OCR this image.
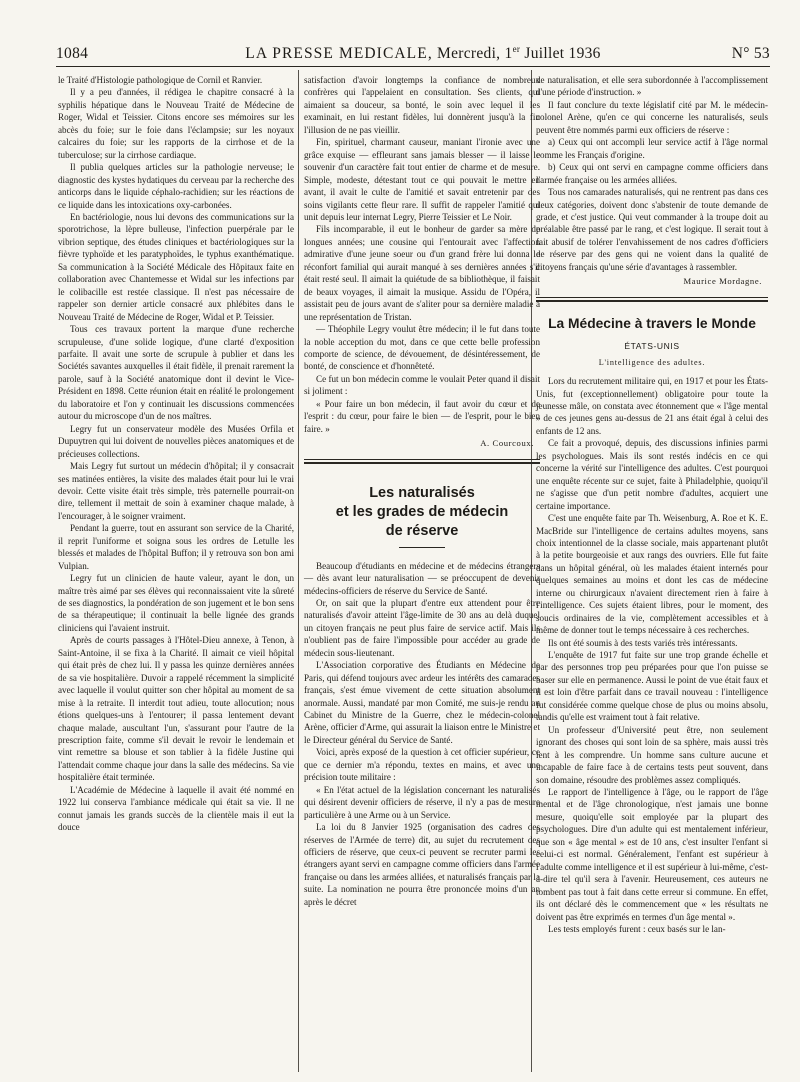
1084	LA PRESSE MEDICALE, Mercredi, 1er Juillet 1936	N° 53

le Traité d'Histologie pathologique de Cornil et Ranvier.

Il y a peu d'années, il rédigea le chapitre consacré à la syphilis hépatique dans le Nouveau Traité de Médecine de Roger, Widal et Teissier. Citons encore ses mémoires sur les abcès du foie; sur le foie dans l'éclampsie; sur les noyaux calcaires du foie; sur les rapports de la cirrhose et de la tuberculose; sur la cirrhose cardiaque.

Il publia quelques articles sur la pathologie nerveuse; le diagnostic des kystes hydatiques du cerveau par la recherche des anticorps dans le liquide céphalo-rachidien; sur les réactions de ce liquide dans les intoxications oxy-carbonées.

En bactériologie, nous lui devons des communications sur la sporotrichose, la lèpre bulleuse, l'infection puerpérale par le vibrion septique, des études cliniques et bactériologiques sur la fièvre typhoïde et les paratyphoïdes, le typhus exanthématique. Sa communication à la Société Médicale des Hôpitaux faite en collaboration avec Chantemesse et Widal sur les infections par le colibacille est restée classique. Il n'est pas nécessaire de rappeler son dernier article consacré aux phlébites dans le Nouveau Traité de Médecine de Roger, Widal et P. Teissier.

Tous ces travaux portent la marque d'une recherche scrupuleuse, d'une solide logique, d'une clarté d'exposition parfaite. Il avait une sorte de scrupule à publier et dans les Sociétés savantes auxquelles il était fidèle, il prenait rarement la parole, sauf à la Société anatomique dont il devint le Vice-Président en 1898. Cette réunion était en réalité le prolongement du laboratoire et l'on y continuait les discussions commencées autour du microscope d'un de nos maîtres.

Legry fut un conservateur modèle des Musées Orfila et Dupuytren qui lui doivent de nouvelles pièces anatomiques et de précieuses collections.

Mais Legry fut surtout un médecin d'hôpital; il y consacrait ses matinées entières, la visite des malades était pour lui le vrai devoir. Cette visite était très simple, très paternelle pourrait-on dire, tellement il mettait de soin à examiner chaque malade, à l'encourager, à le soigner vraiment.

Pendant la guerre, tout en assurant son service de la Charité, il reprit l'uniforme et soigna sous les ordres de Letulle les blessés et malades de l'hôpital Buffon; il y retrouva son bon ami Vulpian.

Legry fut un clinicien de haute valeur, ayant le don, un maître très aimé par ses élèves qui reconnaissaient vite la sûreté de ses diagnostics, la pondération de son jugement et le bon sens de sa thérapeutique; il continuait la belle lignée des grands cliniciens qui l'avaient instruit.

Après de courts passages à l'Hôtel-Dieu annexe, à Tenon, à Saint-Antoine, il se fixa à la Charité. Il aimait ce vieil hôpital qui était près de chez lui. Il y passa les quinze dernières années de sa vie hospitalière. Duvoir a rappelé récemment la simplicité avec laquelle il voulut quitter son cher hôpital au moment de sa mise à la retraite. Il interdit tout adieu, toute allocution; nous étions quelques-uns à l'entourer; il passa lentement devant chaque malade, auscultant l'un, s'assurant pour l'autre de la prescription faite, comme s'il devait le revoir le lendemain et vint remettre sa blouse et son tablier à la fidèle Justine qui l'attendait comme chaque jour dans la salle des médecins. Sa vie hospitalière était terminée.

L'Académie de Médecine à laquelle il avait été nommé en 1922 lui conserva l'ambiance médicale qui était sa vie. Il ne connut jamais les grands succès de la clientèle mais il eut la douce

satisfaction d'avoir longtemps la confiance de nombreux confrères qui l'appelaient en consultation. Ses clients, qui aimaient sa douceur, sa bonté, le soin avec lequel il les examinait, en lui restant fidèles, lui donnèrent jusqu'à la fin l'illusion de ne pas vieillir.

Fin, spirituel, charmant causeur, maniant l'ironie avec une grâce exquise — effleurant sans jamais blesser — il laisse le souvenir d'un caractère fait tout entier de charme et de mesure. Simple, modeste, détestant tout ce qui pouvait le mettre en avant, il avait le culte de l'amitié et savait entretenir par des soins vigilants cette fleur rare. Il suffit de rappeler l'amitié qui unit depuis leur internat Legry, Pierre Teissier et Le Noir.

Fils incomparable, il eut le bonheur de garder sa mère de longues années; une cousine qui l'entourait avec l'affection admirative d'une jeune soeur ou d'un grand frère lui donna le réconfort familial qui aurait manqué à ses dernières années s'il était resté seul. Il aimait la quiétude de sa bibliothèque, il faisait de beaux voyages, il aimait la musique. Assidu de l'Opéra, il assistait peu de jours avant de s'aliter pour sa dernière maladie à une représentation de Tristan.

— Théophile Legry voulut être médecin; il le fut dans toute la noble acception du mot, dans ce que cette belle profession comporte de science, de dévouement, de désintéressement, de bonté, de conscience et d'honnêteté.

Ce fut un bon médecin comme le voulait Peter quand il disait si joliment :

« Pour faire un bon médecin, il faut avoir du cœur et de l'esprit : du cœur, pour faire le bien — de l'esprit, pour le bien faire. »

A. Courcoux.
Les naturalisés
et les grades de médecin
de réserve

Beaucoup d'étudiants en médecine et de médecins étrangers — dès avant leur naturalisation — se préoccupent de devenir médecins-officiers de réserve du Service de Santé.

Or, on sait que la plupart d'entre eux attendent pour être naturalisés d'avoir atteint l'âge-limite de 30 ans au delà duquel un citoyen français ne peut plus faire de service actif. Mais ils n'oublient pas de faire l'impossible pour accéder au grade de médecin sous-lieutenant.

L'Association corporative des Étudiants en Médecine de Paris, qui défend toujours avec ardeur les intérêts des camarades français, s'est émue vivement de cette situation absolument anormale. Aussi, mandaté par mon Comité, me suis-je rendu au Cabinet du Ministre de la Guerre, chez le médecin-colonel Arène, officier d'Arme, qui assurait la liaison entre le Ministre et le Directeur général du Service de Santé.

Voici, après exposé de la question à cet officier supérieur, ce que ce dernier m'a répondu, textes en mains, et avec une précision toute militaire :

« En l'état actuel de la législation concernant les naturalisés qui désirent devenir officiers de réserve, il n'y a pas de mesure particulière à une Arme ou à un Service.

La loi du 8 Janvier 1925 (organisation des cadres des réserves de l'Armée de terre) dit, au sujet du recrutement des officiers de réserve, que ceux-ci peuvent se recruter parmi les étrangers ayant servi en campagne comme officiers dans l'armée française ou dans les armées alliées, et naturalisés français par la suite. La nomination ne pourra être prononcée moins d'un an après le décret

de naturalisation, et elle sera subordonnée à l'accomplissement d'une période d'instruction. »

Il faut conclure du texte législatif cité par M. le médecin-colonel Arène, qu'en ce qui concerne les naturalisés, seuls peuvent être nommés parmi eux officiers de réserve :

a) Ceux qui ont accompli leur service actif à l'âge normal comme les Français d'origine.

b) Ceux qui ont servi en campagne comme officiers dans l'armée française ou les armées alliées.

Tous nos camarades naturalisés, qui ne rentrent pas dans ces deux catégories, doivent donc s'abstenir de toute demande de grade, et c'est justice. Qui veut commander à la troupe doit au préalable être passé par le rang, et c'est logique. Il serait tout à fait abusif de tolérer l'envahissement de nos cadres d'officiers de réserve par des gens qui ne voient dans la qualité de citoyens français qu'une série d'avantages à rassembler.

Maurice Mordagne.
La Médecine à travers le Monde
ÉTATS-UNIS
L'intelligence des adultes.

Lors du recrutement militaire qui, en 1917 et pour les États-Unis, fut (exceptionnellement) obligatoire pour toute la jeunesse mâle, on constata avec étonnement que « l'âge mental » de ces jeunes gens au-dessus de 21 ans était égal à celui des enfants de 12 ans.

Ce fait a provoqué, depuis, des discussions infinies parmi les psychologues. Mais ils sont restés indécis en ce qui concerne la vérité sur l'intelligence des adultes. C'est pourquoi une enquête récente sur ce sujet, faite à Philadelphie, quoiqu'il ne s'agisse que d'un petit nombre d'adultes, acquiert une certaine importance.

C'est une enquête faite par Th. Weisenburg, A. Roe et K. E. MacBride sur l'intelligence de certains adultes moyens, sans choix intentionnel de la classe sociale, mais appartenant plutôt à la petite bourgeoisie et aux rangs des ouvriers. Elle fut faite dans un hôpital général, où les malades étaient internés pour quelques semaines au moins et dont les cas de médecine interne ou chirurgicaux n'avaient directement rien à faire à l'intelligence. Ces sujets étaient libres, pour le moment, des soucis ordinaires de la vie, complètement accessibles et à même de donner tout le temps nécessaire à ces recherches.

Ils ont été soumis à des tests variés très intéressants.

L'enquête de 1917 fut faite sur une trop grande échelle et par des personnes trop peu préparées pour que l'on puisse se baser sur elle en permanence. Aussi le point de vue était faux et il est loin d'être parfait dans ce travail nouveau : l'intelligence fut considérée comme quelque chose de plus ou moins absolu, tandis qu'elle est vraiment tout à fait relative.

Un professeur d'Université peut être, non seulement ignorant des choses qui sont loin de sa sphère, mais aussi très lent à les comprendre. Un homme sans culture aucune et incapable de faire face à de certains tests peut souvent, dans son domaine, résoudre des problèmes assez compliqués.

Le rapport de l'intelligence à l'âge, ou le rapport de l'âge mental et de l'âge chronologique, n'est jamais une bonne mesure, quoiqu'elle soit employée par la plupart des psychologues. Dire d'un adulte qui est mentalement inférieur, que son « âge mental » est de 10 ans, c'est insulter l'enfant si celui-ci est normal. Généralement, l'enfant est supérieur à l'adulte comme intelligence et il est supérieur à lui-même, c'est-à-dire tel qu'il sera à l'avenir. Heureusement, ces auteurs ne tombent pas tout à fait dans cette erreur si commune. En effet, ils ont déclaré dès le commencement que « les résultats ne doivent pas être exprimés en termes d'un âge mental ».

Les tests employés furent : ceux basés sur le lan-
